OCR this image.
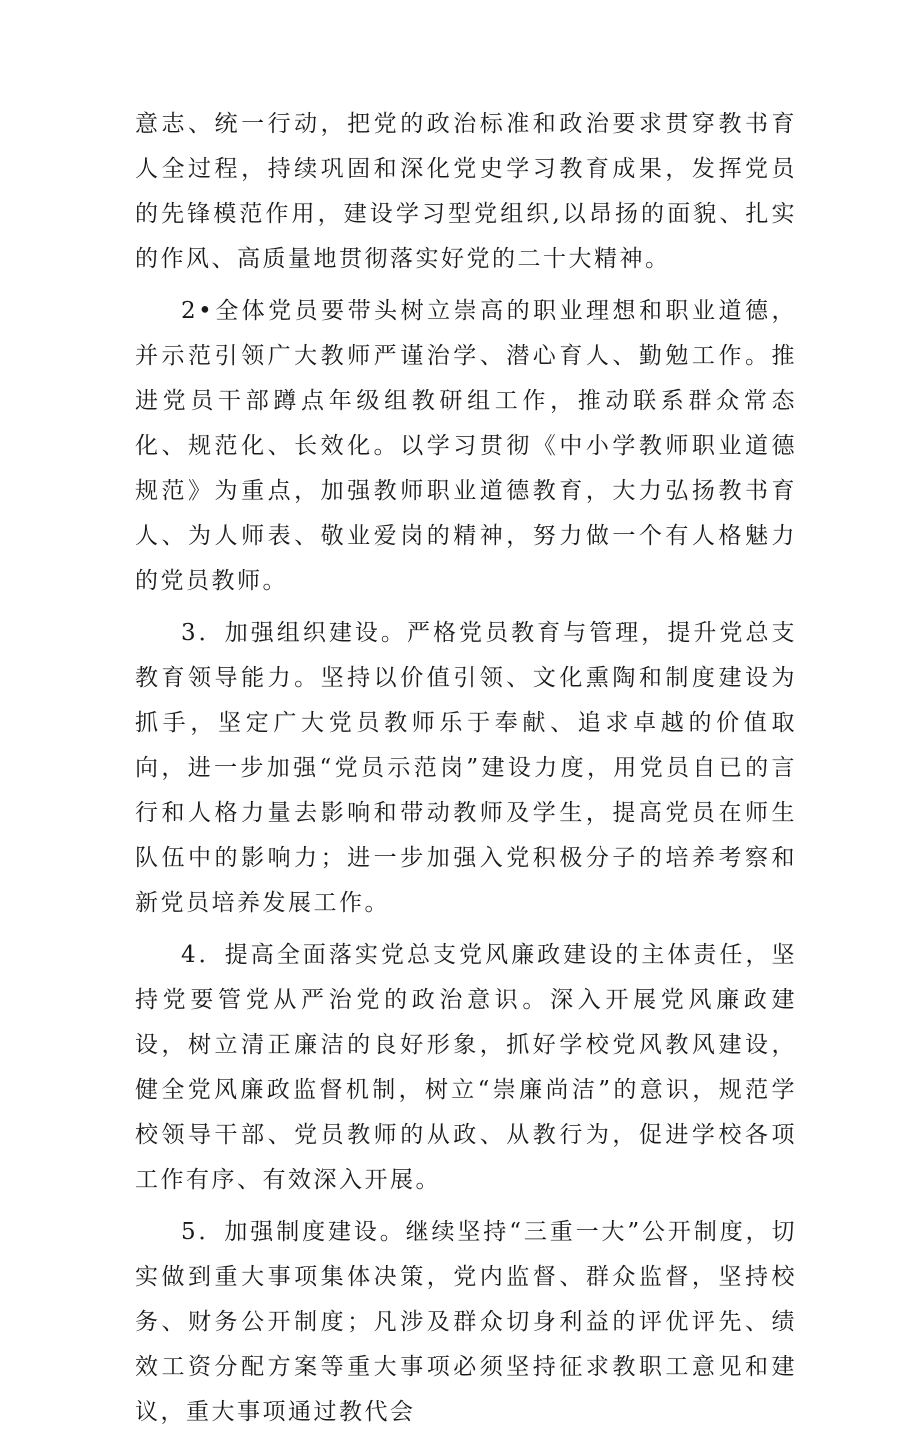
意志、统一行动，把党的政治标准和政治要求贯穿教书育人全过程，持续巩固和深化党史学习教育成果，发挥党员的先锋模范作用，建设学习型党组织,以昂扬的面貌、扎实的作风、高质量地贯彻落实好党的二十大精神。

2•全体党员要带头树立崇高的职业理想和职业道德，并示范引领广大教师严谨治学、潜心育人、勤勉工作。推进党员干部蹲点年级组教研组工作，推动联系群众常态化、规范化、长效化。以学习贯彻《中小学教师职业道德规范》为重点，加强教师职业道德教育，大力弘扬教书育人、为人师表、敬业爱岗的精神，努力做一个有人格魅力的党员教师。

3．加强组织建设。严格党员教育与管理，提升党总支教育领导能力。坚持以价值引领、文化熏陶和制度建设为抓手，坚定广大党员教师乐于奉献、追求卓越的价值取向，进一步加强“党员示范岗”建设力度，用党员自已的言行和人格力量去影响和带动教师及学生，提高党员在师生队伍中的影响力；进一步加强入党积极分子的培养考察和新党员培养发展工作。

4．提高全面落实党总支党风廉政建设的主体责任，坚持党要管党从严治党的政治意识。深入开展党风廉政建设，树立清正廉洁的良好形象，抓好学校党风教风建设，健全党风廉政监督机制，树立“崇廉尚洁”的意识，规范学校领导干部、党员教师的从政、从教行为，促进学校各项工作有序、有效深入开展。

5．加强制度建设。继续坚持“三重一大”公开制度，切实做到重大事项集体决策，党内监督、群众监督，坚持校务、财务公开制度；凡涉及群众切身利益的评优评先、绩效工资分配方案等重大事项必须坚持征求教职工意见和建议，重大事项通过教代会
